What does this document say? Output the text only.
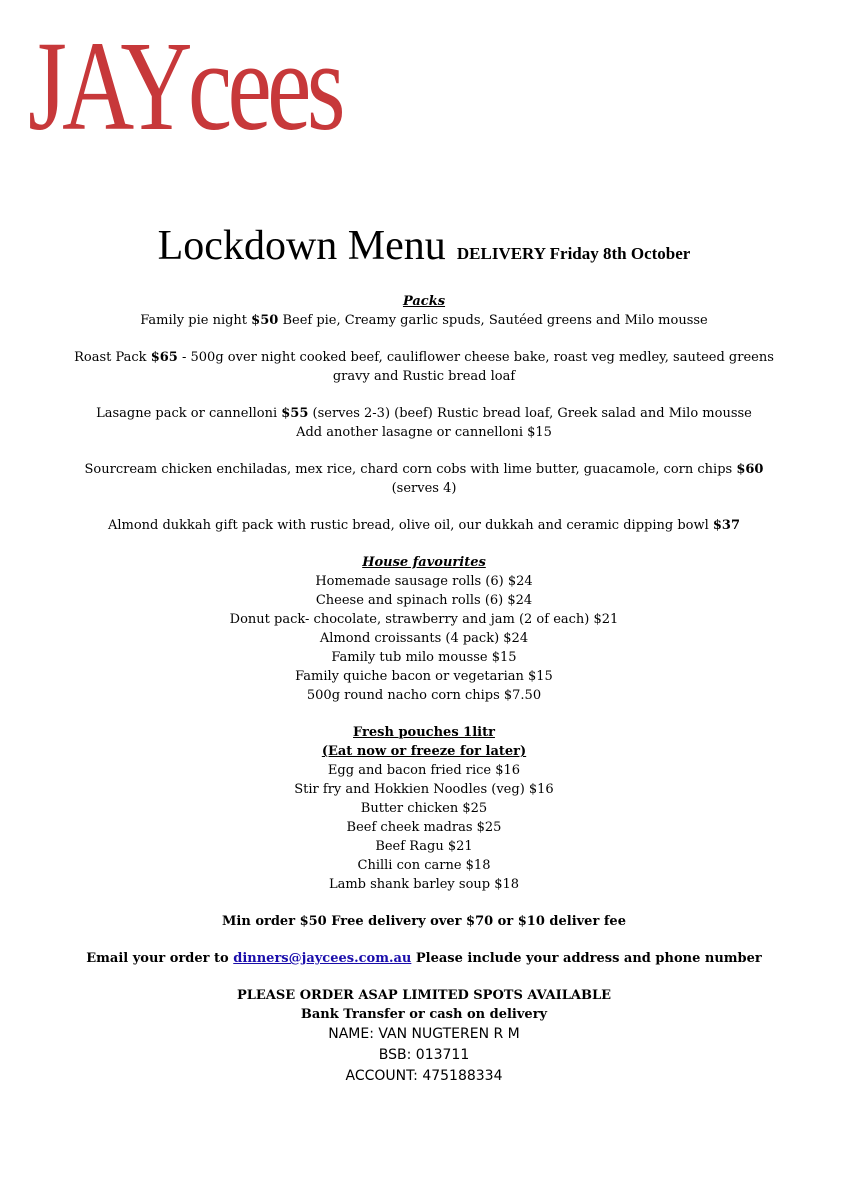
JAYcees
Lockdown Menu DELIVERY Friday 8th October

Packs

Family pie night $50 Beef pie, Creamy garlic spuds, Sautéed greens and Milo mousse

Roast Pack $65 - 500g over night cooked beef, cauliflower cheese bake, roast veg medley, sauteed greens

gravy and Rustic bread loaf

Lasagne pack or cannelloni $55 (serves 2-3) (beef) Rustic bread loaf, Greek salad and Milo mousse

Add another lasagne or cannelloni $15

Sourcream chicken enchiladas, mex rice, chard corn cobs with lime butter, guacamole, corn chips $60

(serves 4)

Almond dukkah gift pack with rustic bread, olive oil, our dukkah and ceramic dipping bowl $37

House favourites

Homemade sausage rolls (6) $24

Cheese and spinach rolls (6) $24

Donut pack- chocolate, strawberry and jam (2 of each) $21

Almond croissants (4 pack) $24

Family tub milo mousse $15

Family quiche bacon or vegetarian $15

500g round nacho corn chips $7.50

Fresh pouches 1litr

(Eat now or freeze for later)

Egg and bacon fried rice $16

Stir fry and Hokkien Noodles (veg) $16

Butter chicken $25

Beef cheek madras $25

Beef Ragu $21

Chilli con carne $18

Lamb shank barley soup $18

Min order $50 Free delivery over $70 or $10 deliver fee

Email your order to dinners@jaycees.com.au Please include your address and phone number

PLEASE ORDER ASAP LIMITED SPOTS AVAILABLE

Bank Transfer or cash on delivery

NAME: VAN NUGTEREN R M

BSB: 013711

ACCOUNT: 475188334
